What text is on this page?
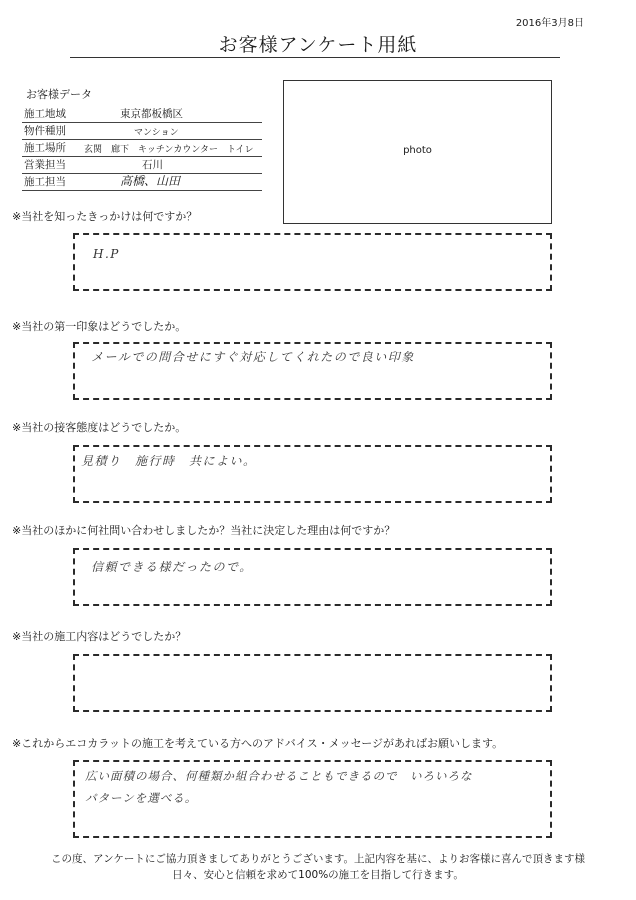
2016年3月8日
お客様アンケート用紙
お客様データ
施工地域	東京都板橋区
物件種別	マンション
施工場所 玄関　廊下　キッチンカウンター　トイレ
営業担当	石川
施工担当	高橋、山田
photo
※当社を知ったきっかけは何ですか？
H.P
※当社の第一印象はどうでしたか。
メールでの問合せにすぐ対応してくれたので良い印象
※当社の接客態度はどうでしたか。
見積り　施行時　共によい。
※当社のほかに何社問い合わせしましたか？当社に決定した理由は何ですか？
信頼できる様だったので。
※当社の施工内容はどうでしたか？
※これからエコカラットの施工を考えている方へのアドバイス・メッセージがあればお願いします。
広い面積の場合、何種類か組合わせることもできるので　いろいろな
パターンを選べる。
この度、アンケートにご協力頂きましてありがとうございます。上記内容を基に、よりお客様に喜んで頂きます様
日々、安心と信頼を求めて100%の施工を目指して行きます。
